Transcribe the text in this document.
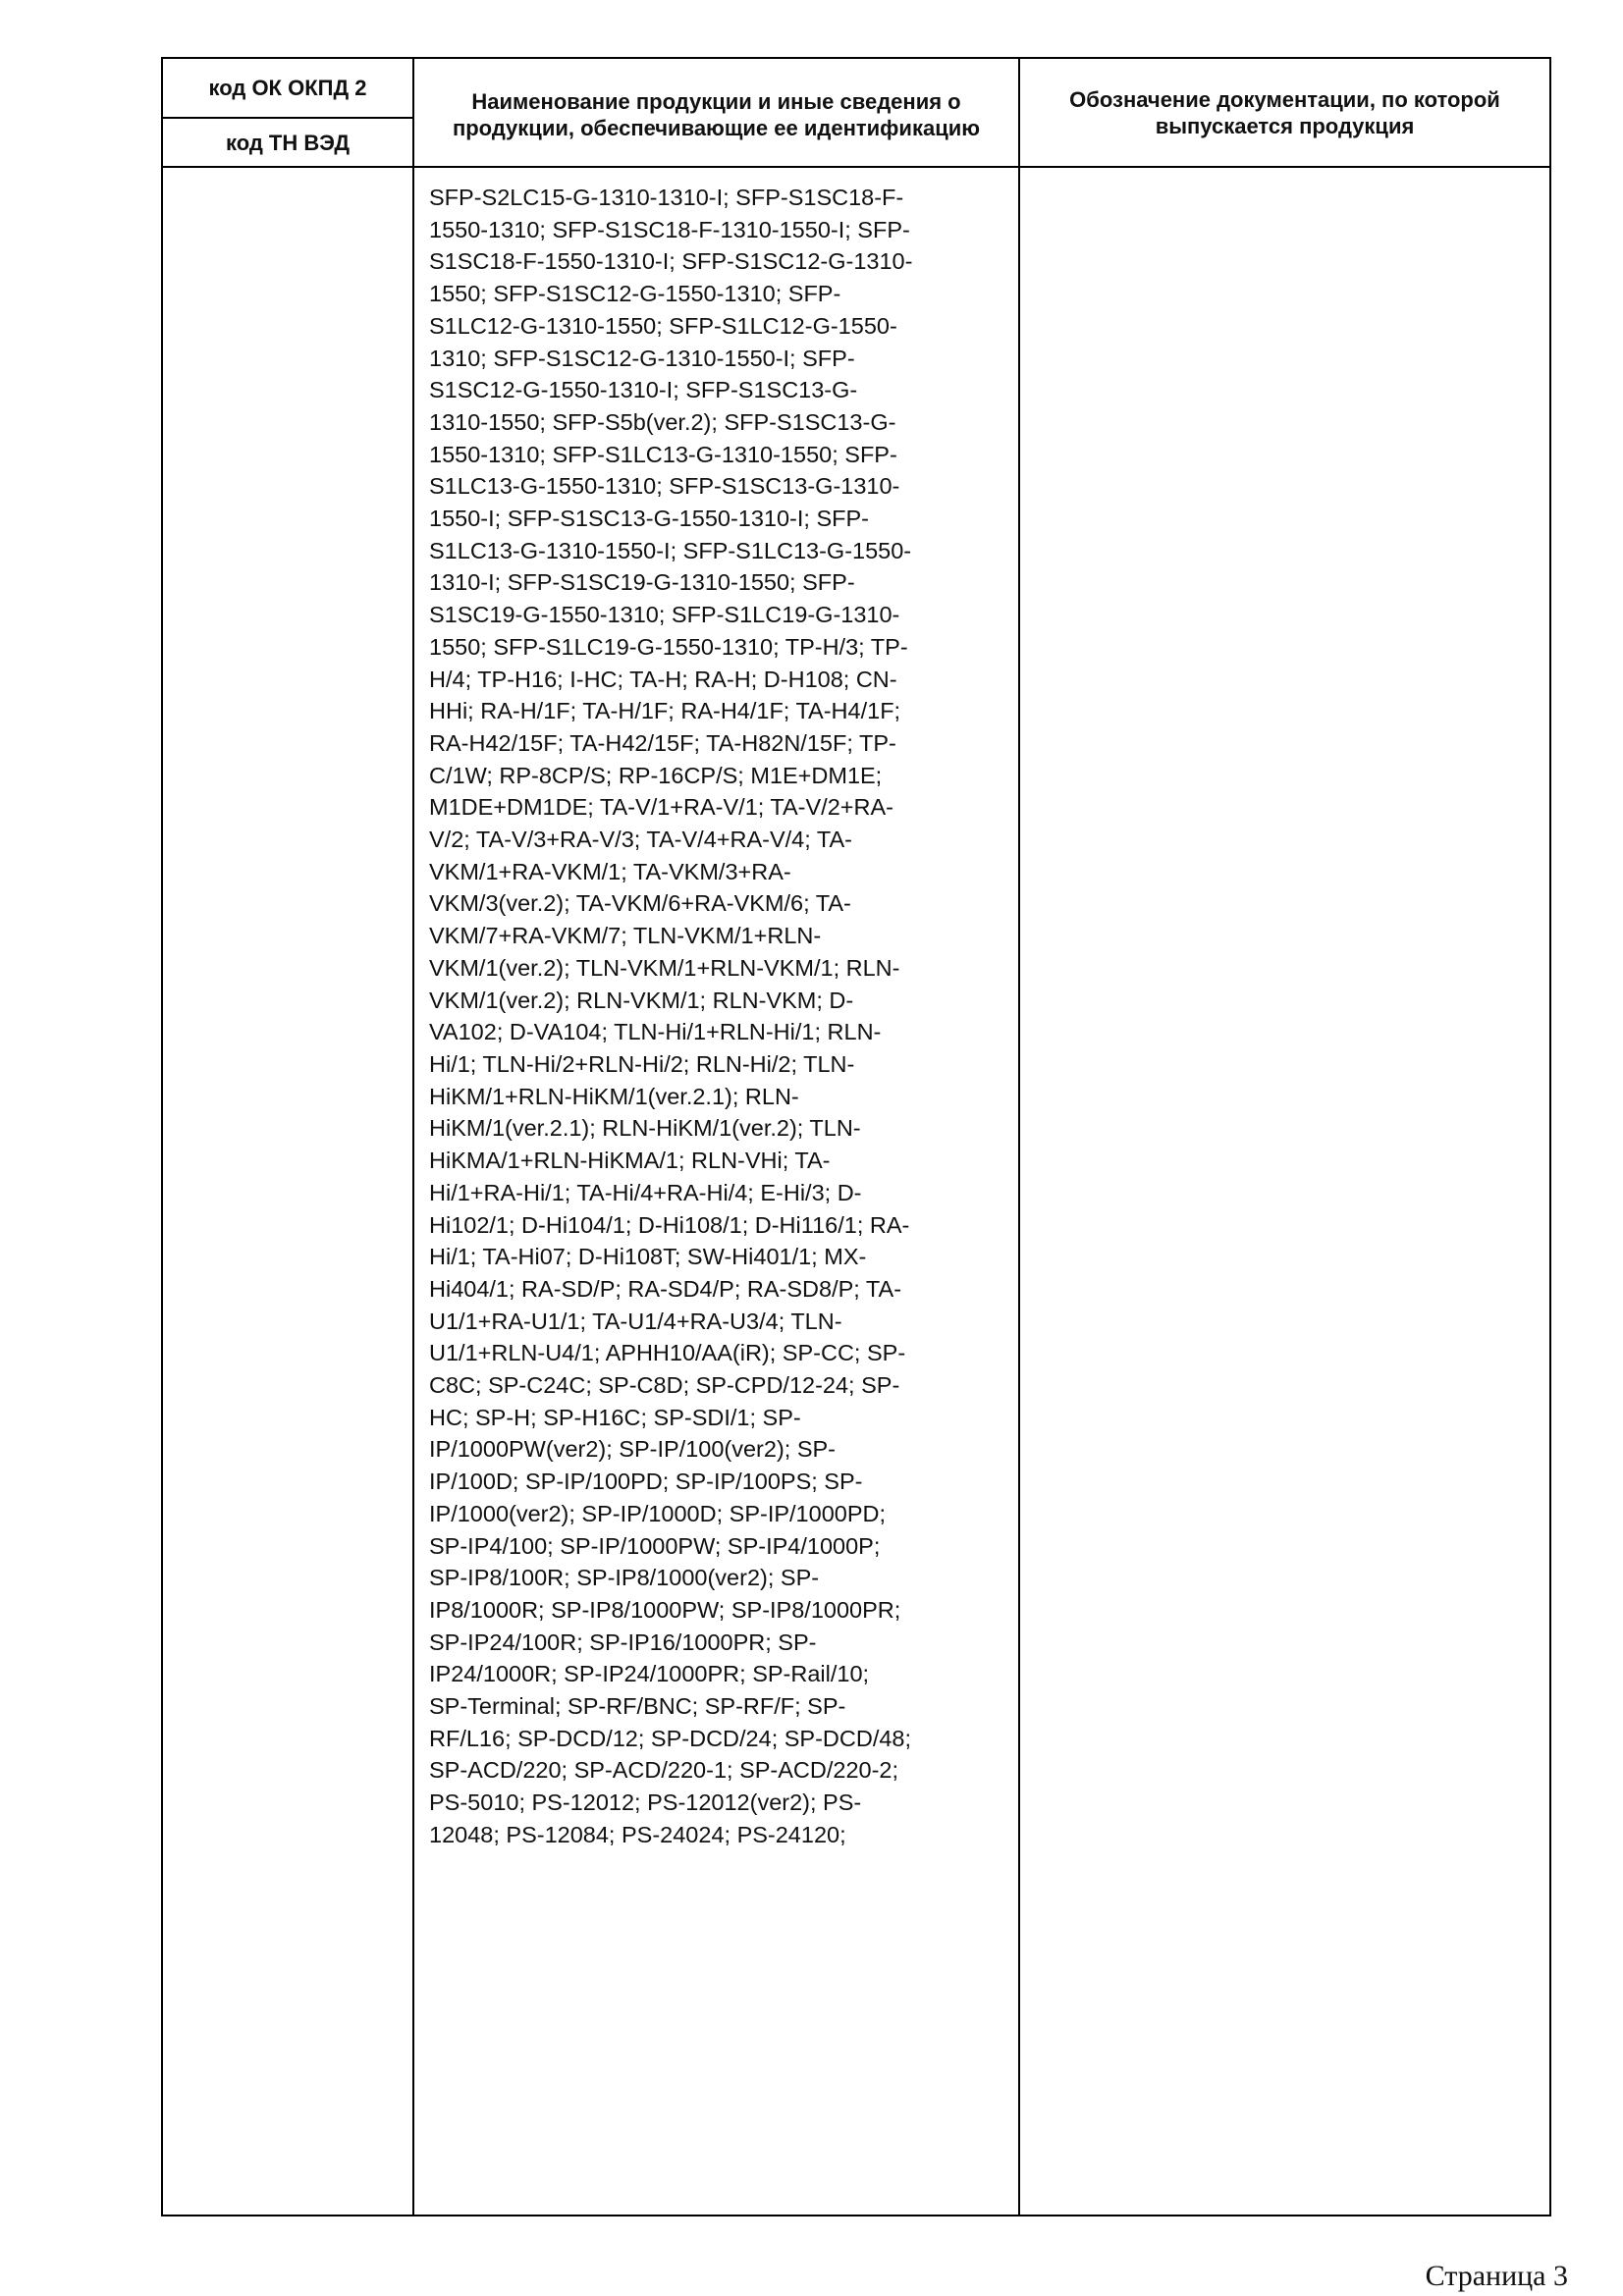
код ОК ОКПД 2
код ТН ВЭД
Наименование продукции и иные сведения о продукции, обеспечивающие ее идентификацию
Обозначение документации, по которой выпускается продукция
SFP-S2LC15-G-1310-1310-I; SFP-S1SC18-F-
1550-1310; SFP-S1SC18-F-1310-1550-I; SFP-
S1SC18-F-1550-1310-I; SFP-S1SC12-G-1310-
1550; SFP-S1SC12-G-1550-1310; SFP-
S1LC12-G-1310-1550; SFP-S1LC12-G-1550-
1310; SFP-S1SC12-G-1310-1550-I; SFP-
S1SC12-G-1550-1310-I; SFP-S1SC13-G-
1310-1550; SFP-S5b(ver.2); SFP-S1SC13-G-
1550-1310; SFP-S1LC13-G-1310-1550; SFP-
S1LC13-G-1550-1310; SFP-S1SC13-G-1310-
1550-I; SFP-S1SC13-G-1550-1310-I; SFP-
S1LC13-G-1310-1550-I; SFP-S1LC13-G-1550-
1310-I; SFP-S1SC19-G-1310-1550; SFP-
S1SC19-G-1550-1310; SFP-S1LC19-G-1310-
1550; SFP-S1LC19-G-1550-1310; TP-H/3; TP-
H/4; TP-H16; I-HC; TA-H; RA-H; D-H108; CN-
HHi; RA-H/1F; TA-H/1F; RA-H4/1F; TA-H4/1F;
RA-H42/15F; TA-H42/15F; TA-H82N/15F; TP-
C/1W; RP-8CP/S; RP-16CP/S; M1E+DM1E;
M1DE+DM1DE; TA-V/1+RA-V/1; TA-V/2+RA-
V/2; TA-V/3+RA-V/3; TA-V/4+RA-V/4; TA-
VKM/1+RA-VKM/1; TA-VKM/3+RA-
VKM/3(ver.2); TA-VKM/6+RA-VKM/6; TA-
VKM/7+RA-VKM/7; TLN-VKM/1+RLN-
VKM/1(ver.2); TLN-VKM/1+RLN-VKM/1; RLN-
VKM/1(ver.2); RLN-VKM/1; RLN-VKM; D-
VA102; D-VA104; TLN-Hi/1+RLN-Hi/1; RLN-
Hi/1; TLN-Hi/2+RLN-Hi/2; RLN-Hi/2; TLN-
HiKM/1+RLN-HiKM/1(ver.2.1); RLN-
HiKM/1(ver.2.1); RLN-HiKM/1(ver.2); TLN-
HiKMA/1+RLN-HiKMA/1; RLN-VHi; TA-
Hi/1+RA-Hi/1; TA-Hi/4+RA-Hi/4; E-Hi/3; D-
Hi102/1; D-Hi104/1; D-Hi108/1; D-Hi116/1; RA-
Hi/1; TA-Hi07; D-Hi108T; SW-Hi401/1; MX-
Hi404/1; RA-SD/P; RA-SD4/P; RA-SD8/P; TA-
U1/1+RA-U1/1; TA-U1/4+RA-U3/4; TLN-
U1/1+RLN-U4/1; APHH10/AA(iR); SP-CC; SP-
C8C; SP-C24C; SP-C8D; SP-CPD/12-24; SP-
HC; SP-H; SP-H16C; SP-SDI/1; SP-
IP/1000PW(ver2); SP-IP/100(ver2); SP-
IP/100D; SP-IP/100PD; SP-IP/100PS; SP-
IP/1000(ver2); SP-IP/1000D; SP-IP/1000PD;
SP-IP4/100; SP-IP/1000PW; SP-IP4/1000P;
SP-IP8/100R; SP-IP8/1000(ver2); SP-
IP8/1000R; SP-IP8/1000PW; SP-IP8/1000PR;
SP-IP24/100R; SP-IP16/1000PR; SP-
IP24/1000R; SP-IP24/1000PR; SP-Rail/10;
SP-Terminal; SP-RF/BNC; SP-RF/F; SP-
RF/L16; SP-DCD/12; SP-DCD/24; SP-DCD/48;
SP-ACD/220; SP-ACD/220-1; SP-ACD/220-2;
PS-5010; PS-12012; PS-12012(ver2); PS-
12048; PS-12084; PS-24024; PS-24120;
Страница 3
